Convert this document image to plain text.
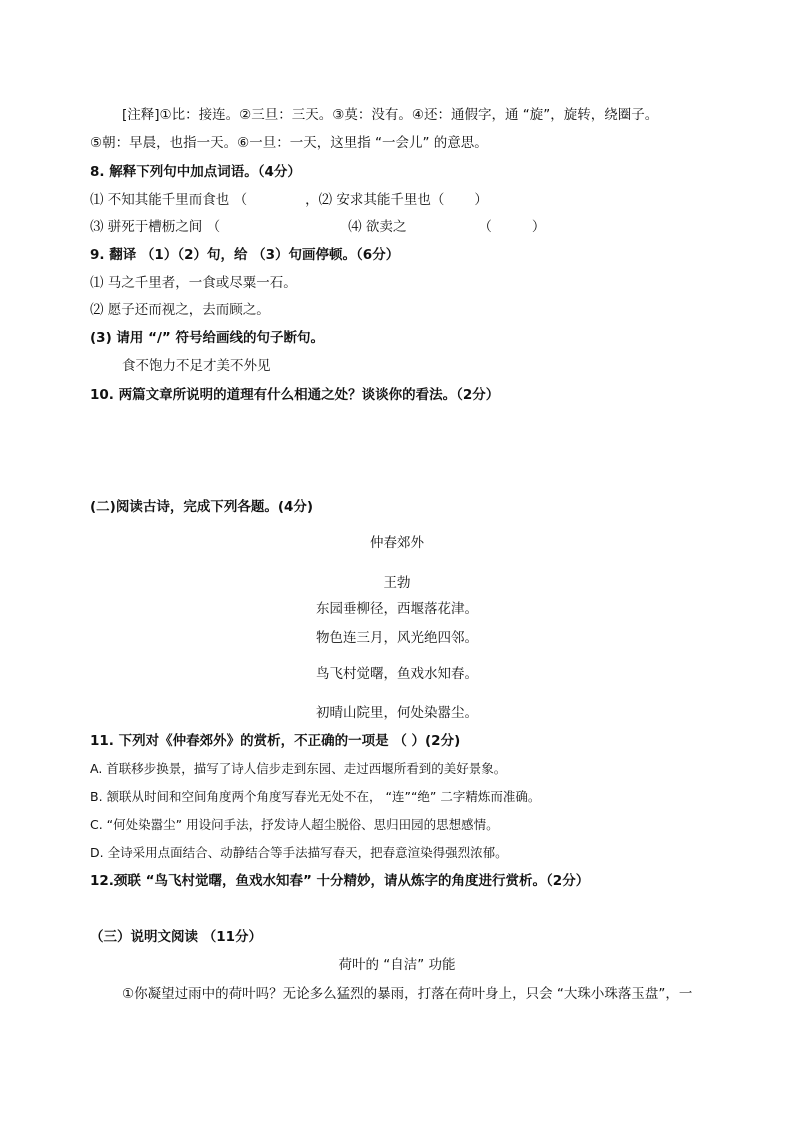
[注释]①比：接连。②三旦：三天。③莫：没有。④还：通假字，通 “旋”，旋转，绕圈子。
⑤朝：早晨，也指一天。⑥一旦：一天，这里指 “一会儿” 的意思。
8. 解释下列句中加点词语。（4分）
⑴ 不知其能千里而食也 （	，⑵ 安求其能千里也（ ）
⑶ 骈死于槽枥之间 （	⑷ 欲卖之	（	）
9. 翻译 （1）（2）句，给 （3）句画停顿。（6分）
⑴ 马之千里者，一食或尽粟一石。
⑵ 愿子还而视之，去而顾之。
(3) 请用 “/” 符号给画线的句子断句。
食不饱力不足才美不外见
10. 两篇文章所说明的道理有什么相通之处？谈谈你的看法。（2分）
(二)阅读古诗，完成下列各题。(4分)
仲春郊外
王勃
东园垂柳径，西堰落花津。
物色连三月，风光绝四邻。
鸟飞村觉曙，鱼戏水知春。
初晴山院里，何处染嚣尘。
11. 下列对《仲春郊外》的赏析，不正确的一项是 （ ）(2分)
A. 首联移步换景，描写了诗人信步走到东园、走过西堰所看到的美好景象。
B. 颔联从时间和空间角度两个角度写春光无处不在， “连”“绝” 二字精炼而准确。
C. “何处染嚣尘” 用设问手法，抒发诗人超尘脱俗、思归田园的思想感情。
D. 全诗采用点面结合、动静结合等手法描写春天，把春意渲染得强烈浓郁。
12.颈联 “鸟飞村觉曙，鱼戏水知春” 十分精妙，请从炼字的角度进行赏析。（2分）
（三）说明文阅读 （11分）
荷叶的 “自洁” 功能
①你凝望过雨中的荷叶吗？无论多么猛烈的暴雨，打落在荷叶身上，只会 “大珠小珠落玉盘”，一
